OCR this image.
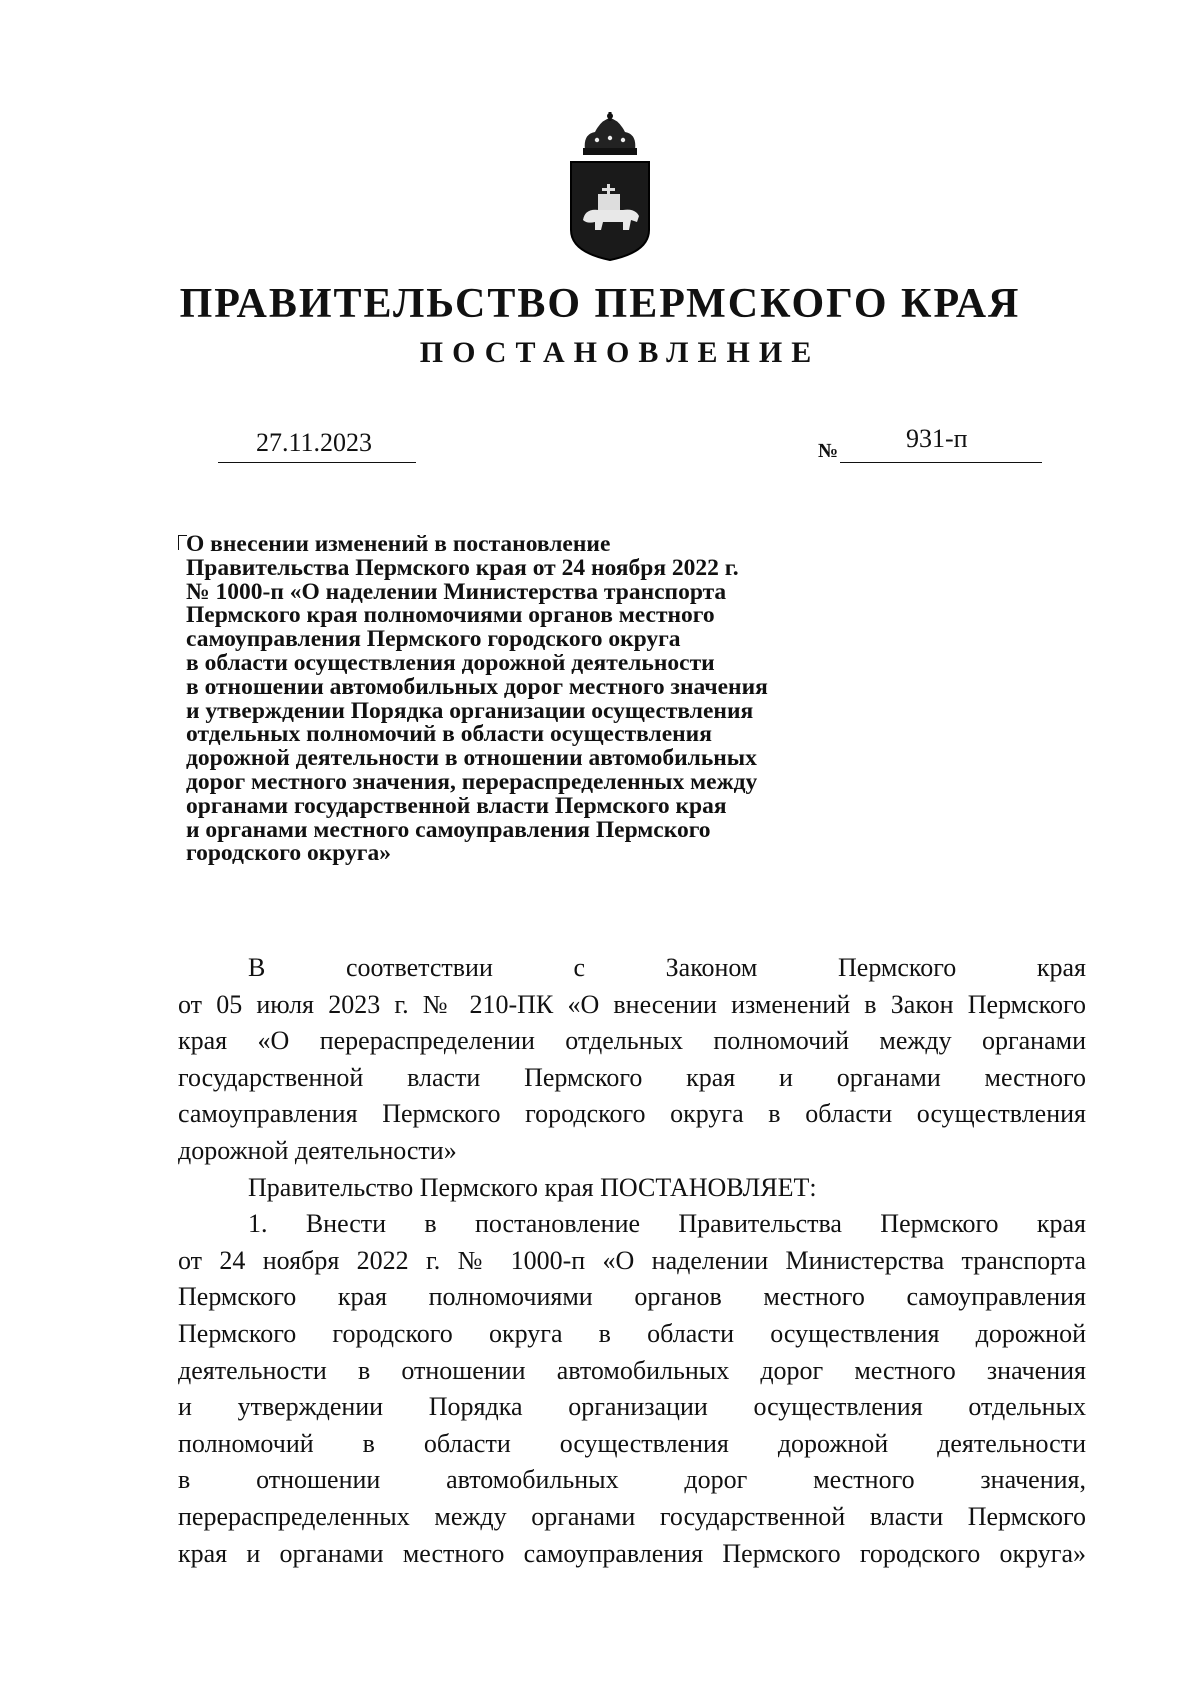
ПРАВИТЕЛЬСТВО ПЕРМСКОГО КРАЯ
ПОСТАНОВЛЕНИЕ
27.11.2023	№	931-п
О внесении изменений в постановление
Правительства Пермского края от 24 ноября 2022 г.
№ 1000-п «О наделении Министерства транспорта
Пермского края полномочиями органов местного
самоуправления Пермского городского округа
в области осуществления дорожной деятельности
в отношении автомобильных дорог местного значения
и утверждении Порядка организации осуществления
отдельных полномочий в области осуществления
дорожной деятельности в отношении автомобильных
дорог местного значения, перераспределенных между
органами государственной власти Пермского края
и органами местного самоуправления Пермского
городского округа»
В	соответствии	с	Законом	Пермского	края
от 05 июля 2023 г. № 210-ПК «О внесении изменений в Закон Пермского
края «О перераспределении отдельных полномочий между органами
государственной власти Пермского края и органами местного
самоуправления Пермского городского округа в области осуществления
дорожной деятельности»
Правительство Пермского края ПОСТАНОВЛЯЕТ:
1. Внести в постановление Правительства Пермского края
от 24 ноября 2022 г. № 1000-п «О наделении Министерства транспорта
Пермского края полномочиями органов местного самоуправления
Пермского городского округа в области осуществления дорожной
деятельности в отношении автомобильных дорог местного значения
и утверждении Порядка организации осуществления отдельных
полномочий в области осуществления дорожной деятельности
в отношении автомобильных дорог местного значения,
перераспределенных между органами государственной власти Пермского
края и органами местного самоуправления Пермского городского округа»
